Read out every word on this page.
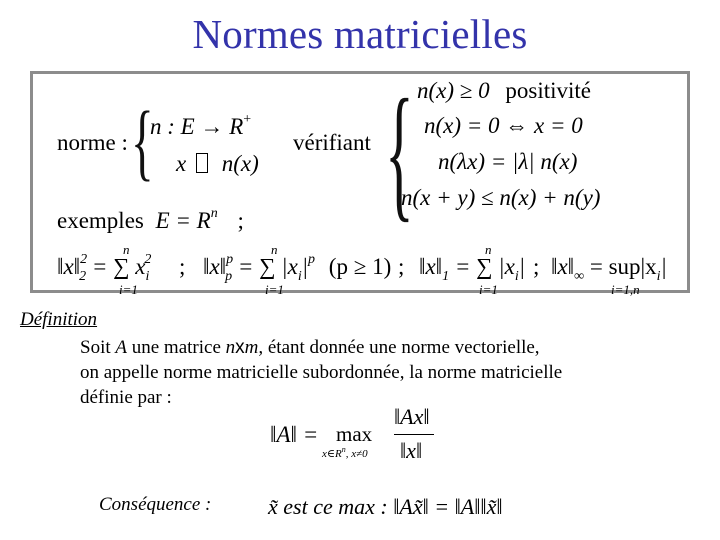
Normes matricielles
norme : {
n : E → R+
x n(x)
vérifiant { n(x) ≥ 0 positivité
n(x) = 0 ⇔ x = 0
n(λx) = |λ| n(x)
n(x + y) ≤ n(x) + n(y)
exemples $E = R^n$ ;
‖x‖$^2_2$ = ∑ $x_i^2$
n
i=1
; ‖x‖$^p_p$ = ∑ $|x_i|^p$ (p ≥ 1)
n
i=1
; $‖x‖_1$ = ∑ $|x_i|$
n
i=1
; $‖x‖_\infty = sup|x_i|$
i=1,n
Définition
Soit A une matrice nxm, étant donnée une norme vectorielle,
on appelle norme matricielle subordonnée, la norme matricielle
définie par :
‖A‖ = max
$x\in R^n$, x≠0
‖Ax‖
‖x‖
Conséquence :	x̃ est ce max : ‖Ax̃‖ = ‖A‖‖x̃‖
